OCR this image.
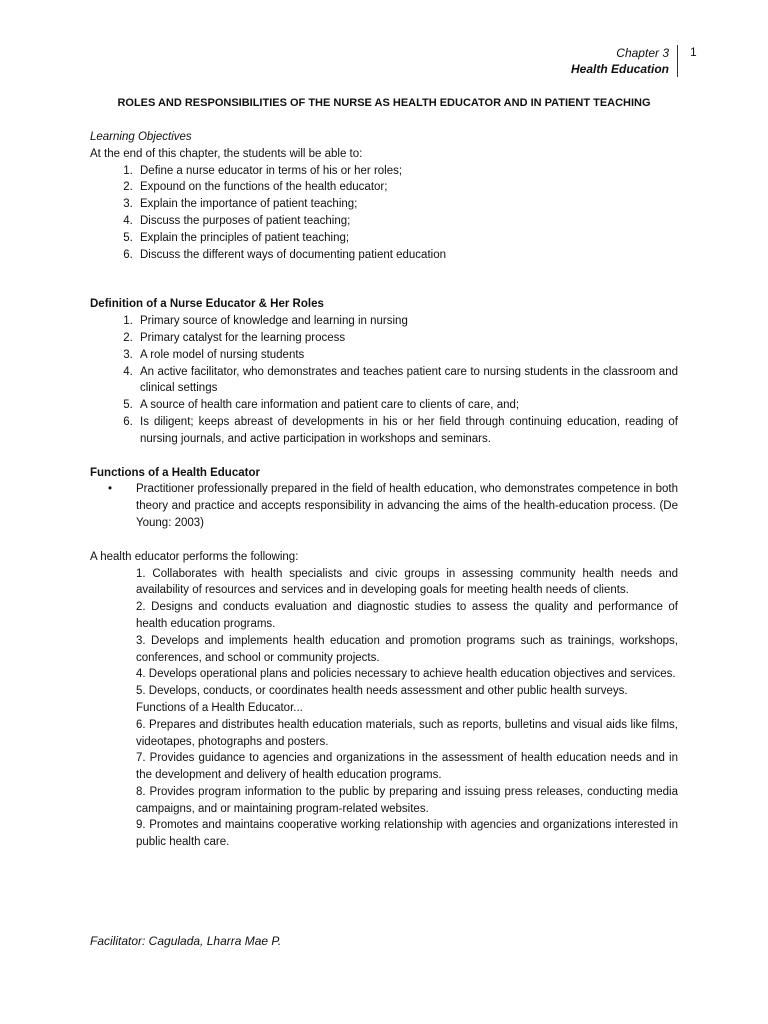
Chapter 3
Health Education
1
ROLES AND RESPONSIBILITIES OF THE NURSE AS HEALTH EDUCATOR AND IN PATIENT TEACHING

Learning Objectives

At the end of this chapter, the students will be able to:

1. Define a nurse educator in terms of his or her roles;
2. Expound on the functions of the health educator;
3. Explain the importance of patient teaching;
4. Discuss the purposes of patient teaching;
5. Explain the principles of patient teaching;
6. Discuss the different ways of documenting patient education

Definition of a Nurse Educator & Her Roles

1. Primary source of knowledge and learning in nursing
2. Primary catalyst for the learning process
3. A role model of nursing students
4. An active facilitator, who demonstrates and teaches patient care to nursing students in the classroom and clinical settings
5. A source of health care information and patient care to clients of care, and;
6. Is diligent; keeps abreast of developments in his or her field through continuing education, reading of nursing journals, and active participation in workshops and seminars.

Functions of a Health Educator

• Practitioner professionally prepared in the field of health education, who demonstrates competence in both theory and practice and accepts responsibility in advancing the aims of the health-education process. (De Young: 2003)

A health educator performs the following:

1. Collaborates with health specialists and civic groups in assessing community health needs and availability of resources and services and in developing goals for meeting health needs of clients.
2. Designs and conducts evaluation and diagnostic studies to assess the quality and performance of health education programs.
3. Develops and implements health education and promotion programs such as trainings, workshops, conferences, and school or community projects.
4. Develops operational plans and policies necessary to achieve health education objectives and services.
5. Develops, conducts, or coordinates health needs assessment and other public health surveys.
Functions of a Health Educator...
6. Prepares and distributes health education materials, such as reports, bulletins and visual aids like films, videotapes, photographs and posters.
7. Provides guidance to agencies and organizations in the assessment of health education needs and in the development and delivery of health education programs.
8. Provides program information to the public by preparing and issuing press releases, conducting media campaigns, and or maintaining program-related websites.
9. Promotes and maintains cooperative working relationship with agencies and organizations interested in public health care.
Facilitator: Cagulada, Lharra Mae P.
